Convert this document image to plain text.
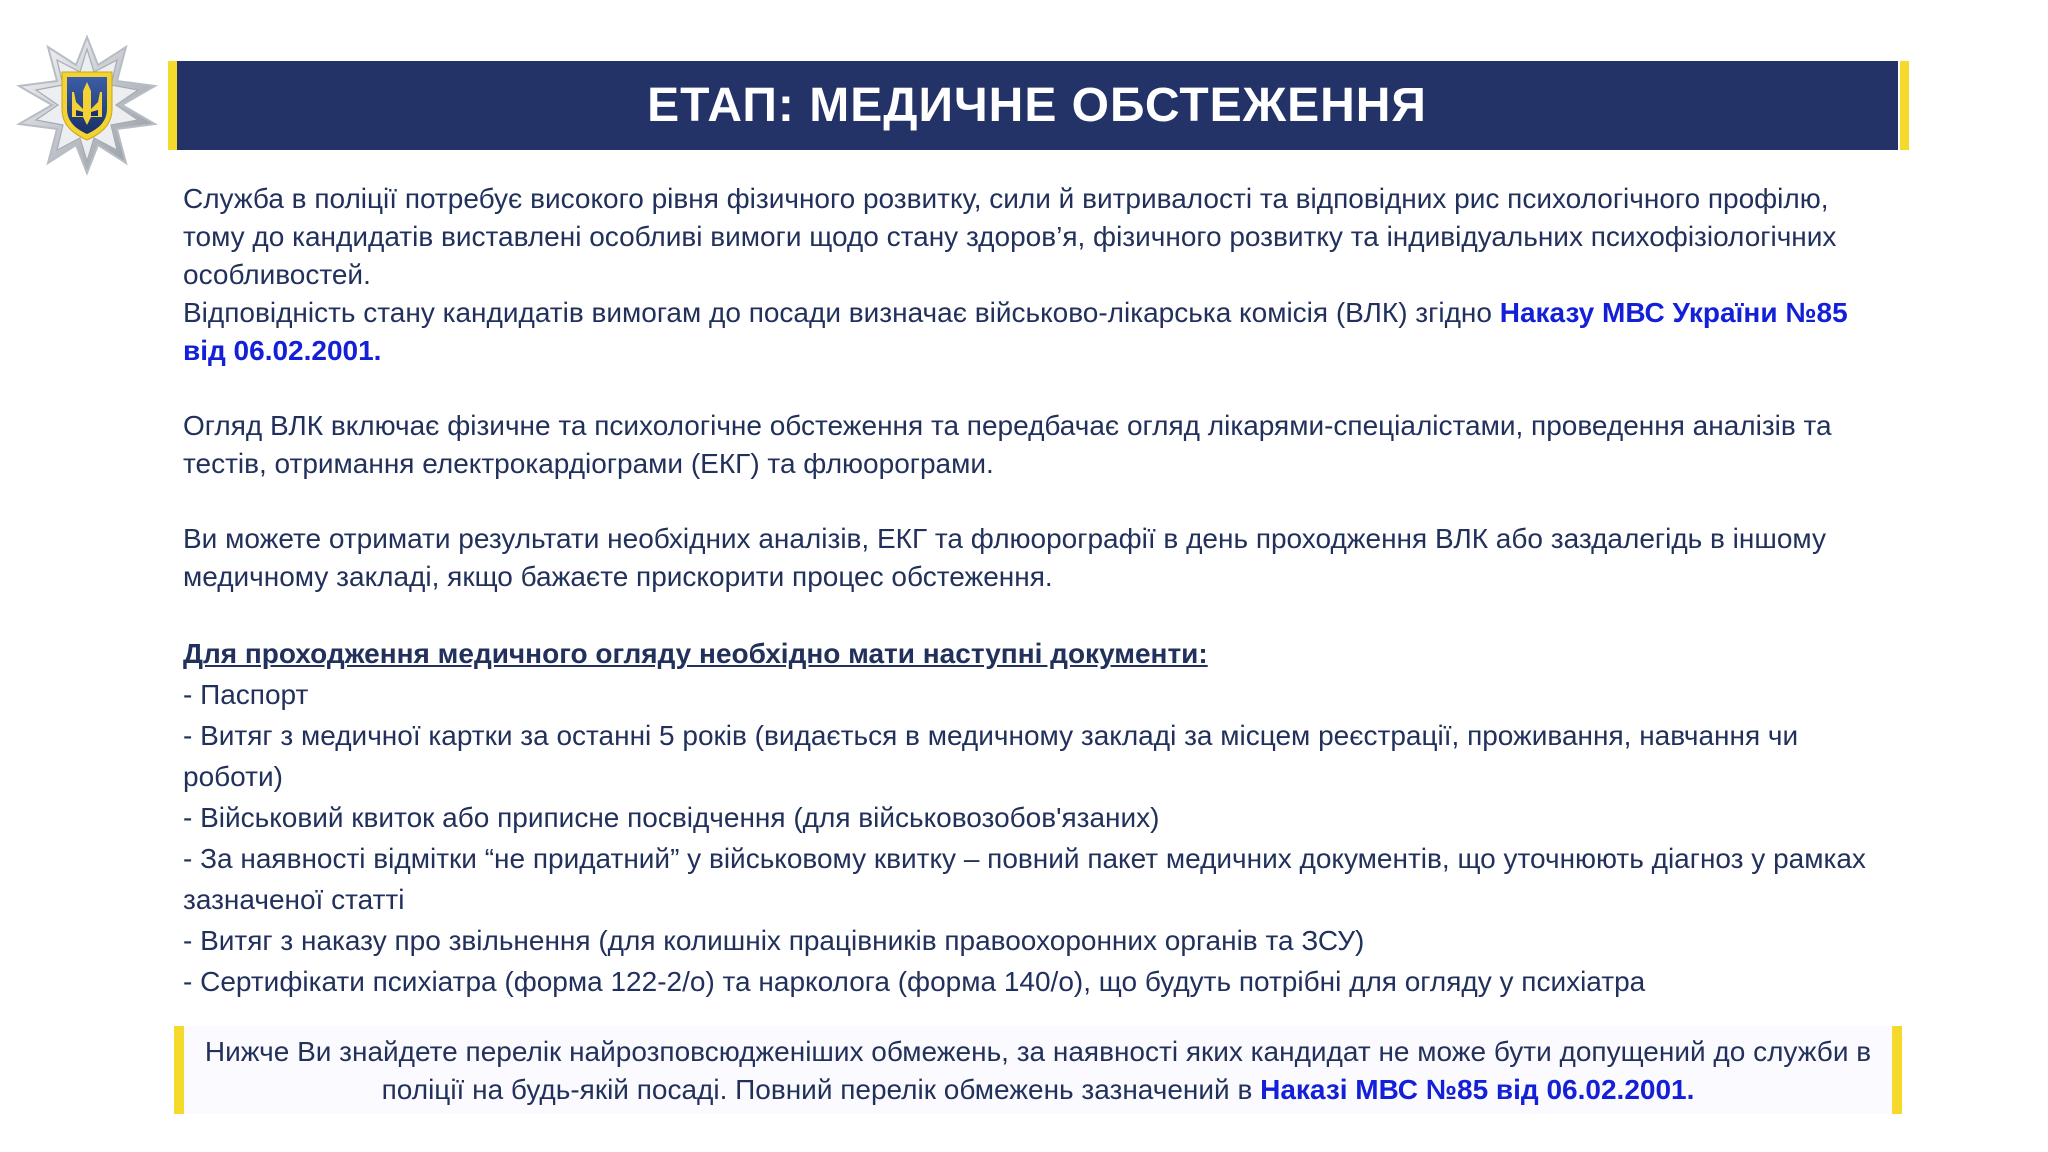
ЕТАП: МЕДИЧНЕ ОБСТЕЖЕННЯ

Служба в поліції потребує високого рівня фізичного розвитку, сили й витривалості та відповідних рис психологічного профілю, тому до кандидатів виставлені особливі вимоги щодо стану здоров’я, фізичного розвитку та індивідуальних психофізіологічних особливостей.

Відповідність стану кандидатів вимогам до посади визначає військово-лікарська комісія (ВЛК) згідно Наказу МВС України №85 від 06.02.2001.

Огляд ВЛК включає фізичне та психологічне обстеження та передбачає огляд лікарями-спеціалістами, проведення аналізів та тестів, отримання електрокардіограми (ЕКГ) та флюорограми.

Ви можете отримати результати необхідних аналізів, ЕКГ та флюорографії в день проходження ВЛК або заздалегідь в іншому медичному закладі, якщо бажаєте прискорити процес обстеження.

Для проходження медичного огляду необхідно мати наступні документи:
- Паспорт
- Витяг з медичної картки за останні 5 років (видається в медичному закладі за місцем реєстрації, проживання, навчання чи роботи)
- Військовий квиток або приписне посвідчення (для військовозобов'язаних)
- За наявності відмітки “не придатний” у військовому квитку – повний пакет медичних документів, що уточнюють діагноз у рамках зазначеної статті
- Витяг з наказу про звільнення (для колишніх працівників правоохоронних органів та ЗСУ)
- Сертифікати психіатра (форма 122-2/о) та нарколога (форма 140/о), що будуть потрібні для огляду у психіатра
Нижче Ви знайдете перелік найрозповсюдженіших обмежень, за наявності яких кандидат не може бути допущений до служби в поліції на будь-якій посаді. Повний перелік обмежень зазначений в Наказі МВС №85 від 06.02.2001.
